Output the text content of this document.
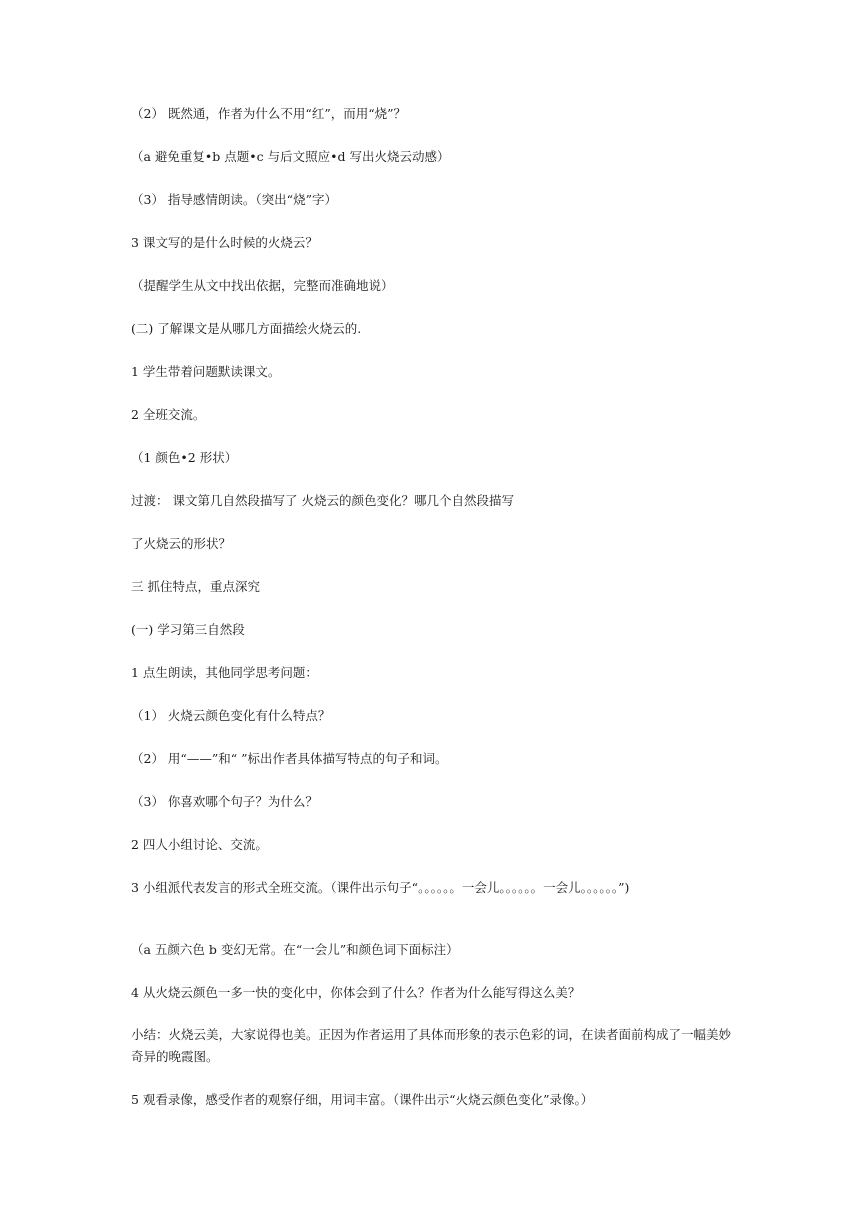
（2） 既然通，作者为什么不用“红”，而用“烧”？
（a 避免重复•b 点题•c 与后文照应•d 写出火烧云动感）
（3） 指导感情朗读。（突出“烧”字）
3 课文写的是什么时候的火烧云？
（提醒学生从文中找出依据，完整而准确地说）
(二) 了解课文是从哪几方面描绘火烧云的.
1 学生带着问题默读课文。
2 全班交流。
（1 颜色•2 形状）
过渡： 课文第几自然段描写了 火烧云的颜色变化？哪几个自然段描写
了火烧云的形状？
三 抓住特点，重点深究
(一) 学习第三自然段
1 点生朗读，其他同学思考问题：
（1） 火烧云颜色变化有什么特点？
（2） 用“——”和“ ”标出作者具体描写特点的句子和词。
（3） 你喜欢哪个句子？为什么？
2 四人小组讨论、交流。
3 小组派代表发言的形式全班交流。（课件出示句子“。。。。。。一会儿。。。。。。一会儿。。。。。。”)
（a 五颜六色 b 变幻无常。在“一会儿”和颜色词下面标注）
4 从火烧云颜色一多一快的变化中，你体会到了什么？作者为什么能写得这么美？
小结：火烧云美，大家说得也美。正因为作者运用了具体而形象的表示色彩的词，在读者面前构成了一幅美妙奇异的晚霞图。
5 观看录像，感受作者的观察仔细，用词丰富。（课件出示“火烧云颜色变化”录像。）
